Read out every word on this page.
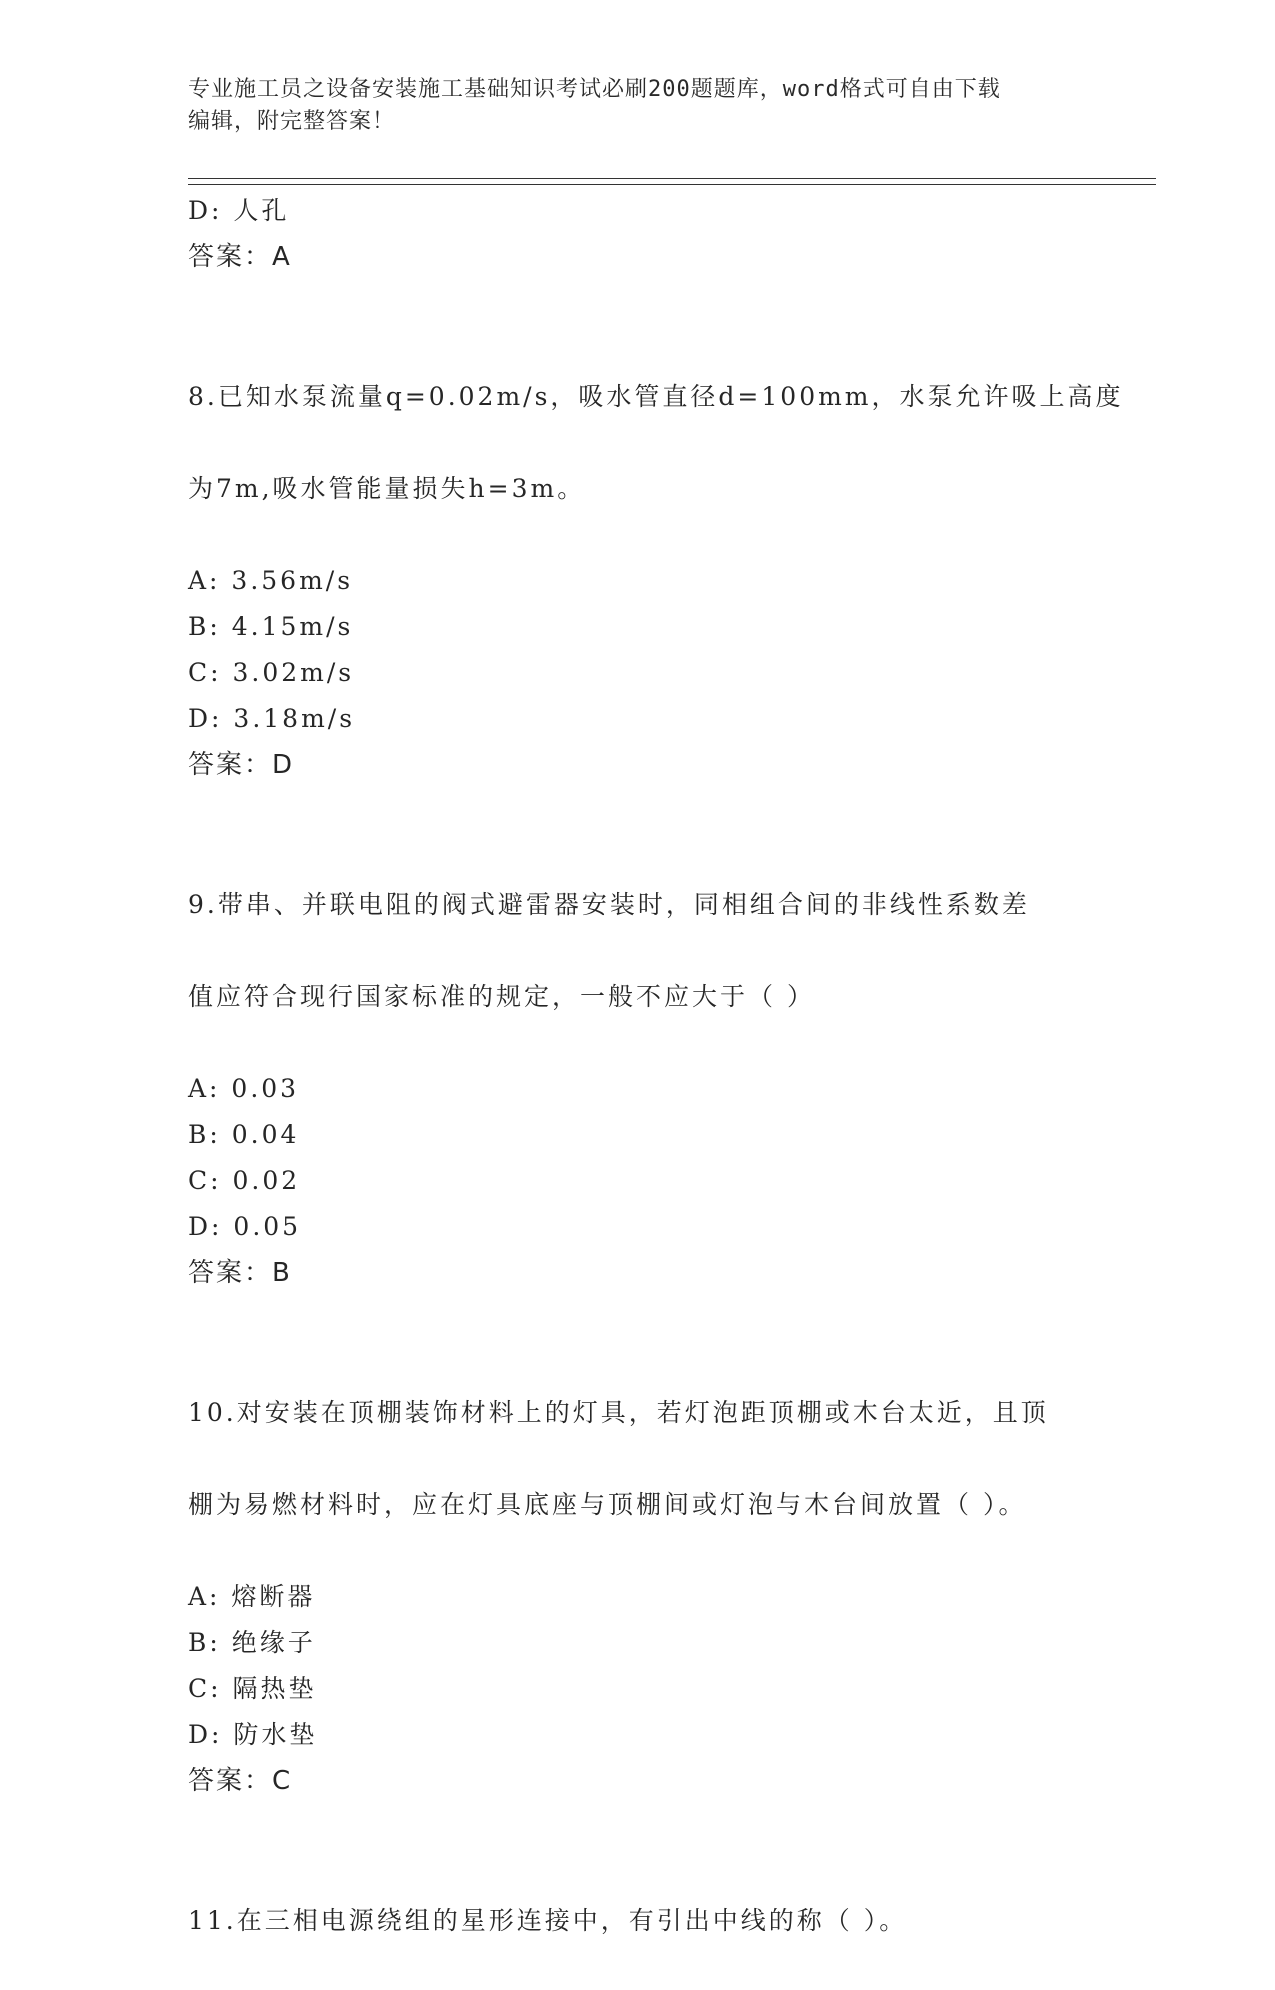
专业施工员之设备安装施工基础知识考试必刷200题题库，word格式可自由下载
编辑，附完整答案！
D: 人孔
答案：A

8.已知水泵流量q=0.02m/s，吸水管直径d=100mm，水泵允许吸上高度

为7m,吸水管能量损失h=3m。

A: 3.56m/s
B: 4.15m/s
C: 3.02m/s
D: 3.18m/s
答案：D

9.带串、并联电阻的阀式避雷器安装时，同相组合间的非线性系数差

值应符合现行国家标准的规定，一般不应大于（ ）

A: 0.03
B: 0.04
C: 0.02
D: 0.05
答案：B

10.对安装在顶棚装饰材料上的灯具，若灯泡距顶棚或木台太近，且顶

棚为易燃材料时，应在灯具底座与顶棚间或灯泡与木台间放置（ ）。

A: 熔断器
B: 绝缘子
C: 隔热垫
D: 防水垫
答案：C

11.在三相电源绕组的星形连接中，有引出中线的称（ ）。
